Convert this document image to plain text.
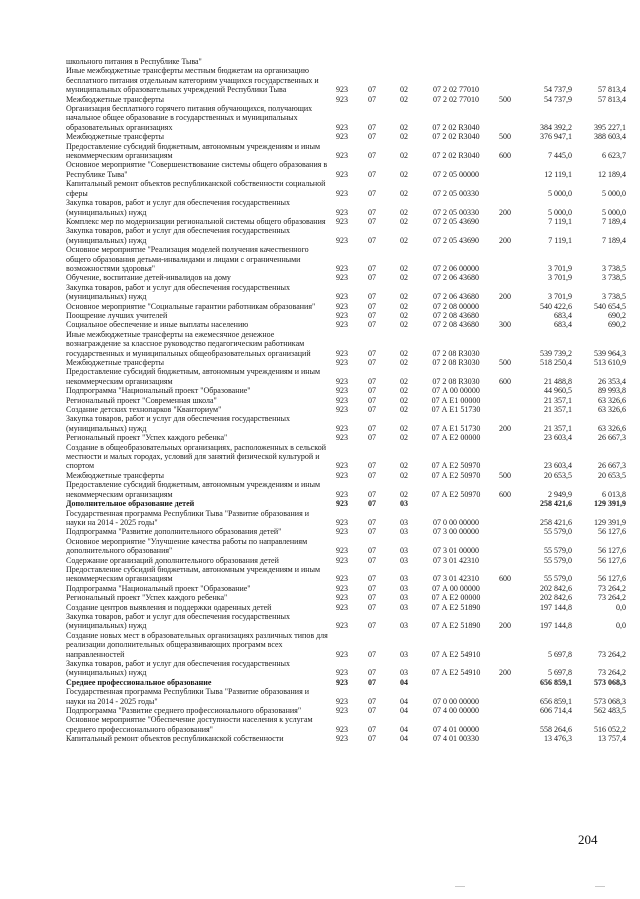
школьного питания в Республике Тыва"							
Иные межбюджетные трансферты местным бюджетам на организацию бесплатного питания отдельным категориям учащихся государственных и муниципальных образовательных учреждений Республики Тыва	923	07	02	07 2 02 77010		54 737,9	57 813,4
Межбюджетные трансферты	923	07	02	07 2 02 77010	500	54 737,9	57 813,4
Организация бесплатного горячего питания обучающихся, получающих начальное общее образование в государственных и муниципальных образовательных организациях	923	07	02	07 2 02 R3040		384 392,2	395 227,1
Межбюджетные трансферты	923	07	02	07 2 02 R3040	500	376 947,1	388 603,4
Предоставление субсидий бюджетным, автономным учреждениям и иным некоммерческим организациям	923	07	02	07 2 02 R3040	600	7 445,0	6 623,7
Основное мероприятие "Совершенствование системы общего образования в Республике Тыва"	923	07	02	07 2 05 00000		12 119,1	12 189,4
Капитальный ремонт объектов республиканской собственности социальной сферы	923	07	02	07 2 05 00330		5 000,0	5 000,0
Закупка товаров, работ и услуг для обеспечения государственных (муниципальных) нужд	923	07	02	07 2 05 00330	200	5 000,0	5 000,0
Комплекс мер по модернизации региональной системы общего образования	923	07	02	07 2 05 43690		7 119,1	7 189,4
Закупка товаров, работ и услуг для обеспечения государственных (муниципальных) нужд	923	07	02	07 2 05 43690	200	7 119,1	7 189,4
Основное мероприятие "Реализация моделей получения качественного общего образования детьми-инвалидами и лицами с ограниченными возможностями здоровья"	923	07	02	07 2 06 00000		3 701,9	3 738,5
Обучение, воспитание детей-инвалидов на дому	923	07	02	07 2 06 43680		3 701,9	3 738,5
Закупка товаров, работ и услуг для обеспечения государственных (муниципальных) нужд	923	07	02	07 2 06 43680	200	3 701,9	3 738,5
Основное мероприятие "Социальные гарантии работникам образования"	923	07	02	07 2 08 00000		540 422,6	540 654,5
Поощрение лучших учителей	923	07	02	07 2 08 43680		683,4	690,2
Социальное обеспечение и иные выплаты населению	923	07	02	07 2 08 43680	300	683,4	690,2
Иные межбюджетные трансферты на ежемесячное денежное вознаграждение за классное руководство педагогическим работникам государственных и муниципальных общеобразовательных организаций	923	07	02	07 2 08 R3030		539 739,2	539 964,3
Межбюджетные трансферты	923	07	02	07 2 08 R3030	500	518 250,4	513 610,9
Предоставление субсидий бюджетным, автономным учреждениям и иным некоммерческим организациям	923	07	02	07 2 08 R3030	600	21 488,8	26 353,4
Подпрограмма "Национальный проект "Образование"	923	07	02	07 А 00 00000		44 960,5	89 993,8
Региональный проект "Современная школа"	923	07	02	07 А Е1 00000		21 357,1	63 326,6
Создание детских технопарков "Кванториум"	923	07	02	07 А Е1 51730		21 357,1	63 326,6
Закупка товаров, работ и услуг для обеспечения государственных (муниципальных) нужд	923	07	02	07 А Е1 51730	200	21 357,1	63 326,6
Региональный проект "Успех каждого ребенка"	923	07	02	07 А Е2 00000		23 603,4	26 667,3
Создание в общеобразовательных организациях, расположенных в сельской местности и малых городах, условий для занятий физической культурой и спортом	923	07	02	07 А Е2 50970		23 603,4	26 667,3
Межбюджетные трансферты	923	07	02	07 А Е2 50970	500	20 653,5	20 653,5
Предоставление субсидий бюджетным, автономным учреждениям и иным некоммерческим организациям	923	07	02	07 А Е2 50970	600	2 949,9	6 013,8
Дополнительное образование детей	923	07	03			258 421,6	129 391,9
Государственная программа Республики Тыва "Развитие образования и науки на 2014 - 2025 годы"	923	07	03	07 0 00 00000		258 421,6	129 391,9
Подпрограмма "Развитие дополнительного образования детей"	923	07	03	07 3 00 00000		55 579,0	56 127,6
Основное мероприятие "Улучшение качества работы по направлениям дополнительного образования"	923	07	03	07 3 01 00000		55 579,0	56 127,6
Содержание организаций дополнительного образования детей	923	07	03	07 3 01 42310		55 579,0	56 127,6
Предоставление субсидий бюджетным, автономным учреждениям и иным некоммерческим организациям	923	07	03	07 3 01 42310	600	55 579,0	56 127,6
Подпрограмма "Национальный проект "Образование"	923	07	03	07 А 00 00000		202 842,6	73 264,2
Региональный проект "Успех каждого ребенка"	923	07	03	07 А Е2 00000		202 842,6	73 264,2
Создание центров выявления и поддержки одаренных детей	923	07	03	07 А Е2 51890		197 144,8	0,0
Закупка товаров, работ и услуг для обеспечения государственных (муниципальных) нужд	923	07	03	07 А Е2 51890	200	197 144,8	0,0
Создание новых мест в образовательных организациях различных типов для реализации дополнительных общеразвивающих программ всех направленностей	923	07	03	07 А Е2 54910		5 697,8	73 264,2
Закупка товаров, работ и услуг для обеспечения государственных (муниципальных) нужд	923	07	03	07 А Е2 54910	200	5 697,8	73 264,2
Среднее профессиональное образование	923	07	04			656 859,1	573 068,3
Государственная программа Республики Тыва "Развитие образования и науки на 2014 - 2025 годы"	923	07	04	07 0 00 00000		656 859,1	573 068,3
Подпрограмма "Развитие среднего профессионального образования"	923	07	04	07 4 00 00000		606 714,4	562 483,5
Основное мероприятие "Обеспечение доступности населения к услугам среднего профессионального образования"	923	07	04	07 4 01 00000		558 264,6	516 052,2
Капитальный ремонт объектов республиканской собственности	923	07	04	07 4 01 00330		13 476,3	13 757,4
204
